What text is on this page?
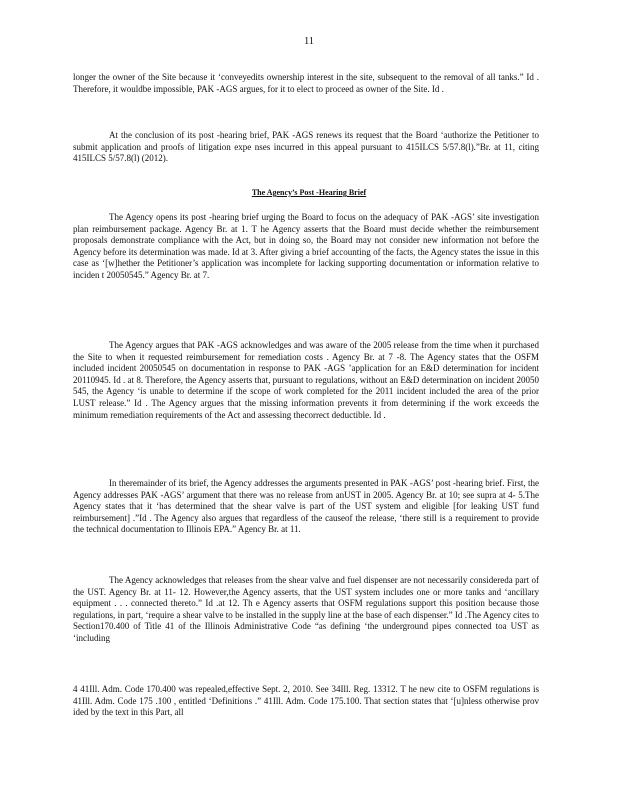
11

longer the owner of the Site because it ‘conveyedits ownership interest in the site, subsequent to the removal of all tanks.” Id . Therefore, it wouldbe impossible, PAK -AGS argues, for it to elect to proceed as owner of the Site. Id .

At the conclusion of its post -hearing brief, PAK -AGS renews its request that the Board ‘authorize the Petitioner to submit application and proofs of litigation expe nses incurred in this appeal pursuant to 415ILCS 5/57.8(l).”Br. at 11, citing 415ILCS 5/57.8(l) (2012).

The Agency’s Post -Hearing Brief

The Agency opens its post -hearing brief urging the Board to focus on the adequacy of PAK -AGS’ site investigation plan reimbursement package. Agency Br. at 1. T he Agency asserts that the Board must decide whether the reimbursement proposals demonstrate compliance with the Act, but in doing so, the Board may not consider new information not before the Agency before its determination was made. Id at 3. After giving a brief accounting of the facts, the Agency states the issue in this case as ‘[w]hether the Petitioner’s application was incomplete for lacking supporting documentation or information relative to inciden t 20050545.” Agency Br. at 7.

The Agency argues that PAK -AGS acknowledges and was aware of the 2005 release from the time when it purchased the Site to when it requested reimbursement for remediation costs . Agency Br. at 7 -8. The Agency states that the OSFM included incident 20050545 on documentation in response to PAK -AGS ’application for an E&D determination for incident 20110945. Id . at 8. Therefore, the Agency asserts that, pursuant to regulations, without an E&D determination on incident 20050 545, the Agency ‘is unable to determine if the scope of work completed for the 2011 incident included the area of the prior LUST release.” Id . The Agency argues that the missing information prevents it from determining if the work exceeds the minimum remediation requirements of the Act and assessing thecorrect deductible. Id .

In theremainder of its brief, the Agency addresses the arguments presented in PAK -AGS’ post -hearing brief. First, the Agency addresses PAK -AGS’ argument that there was no release from anUST in 2005. Agency Br. at 10; see supra at 4- 5.The Agency states that it ‘has determined that the shear valve is part of the UST system and eligible [for leaking UST fund reimbursement] .”Id . The Agency also argues that regardless of the causeof the release, ‘there still is a requirement to provide the technical documentation to Illinois EPA.” Agency Br. at 11.

The Agency acknowledges that releases from the shear valve and fuel dispenser are not necessarily considereda part of the UST. Agency Br. at 11- 12. However,the Agency asserts, that the UST system includes one or more tanks and ‘ancillary equipment . . . connected thereto.” Id .at 12. Th e Agency asserts that OSFM regulations support this position because those regulations, in part, ‘require a shear valve to be installed in the supply line at the base of each dispenser.” Id .The Agency cites to Section170.400 of Title 41 of the Illinois Administrative Code “as defining ‘the underground pipes connected toa UST as ‘including

4 41Ill. Adm. Code 170.400 was repealed,effective Sept. 2, 2010. See 34Ill. Reg. 13312. T he new cite to OSFM regulations is 41Ill. Adm. Code 175 .100 , entitled ‘Definitions .” 41Ill. Adm. Code 175.100. That section states that ‘[u]nless otherwise prov ided by the text in this Part, all
